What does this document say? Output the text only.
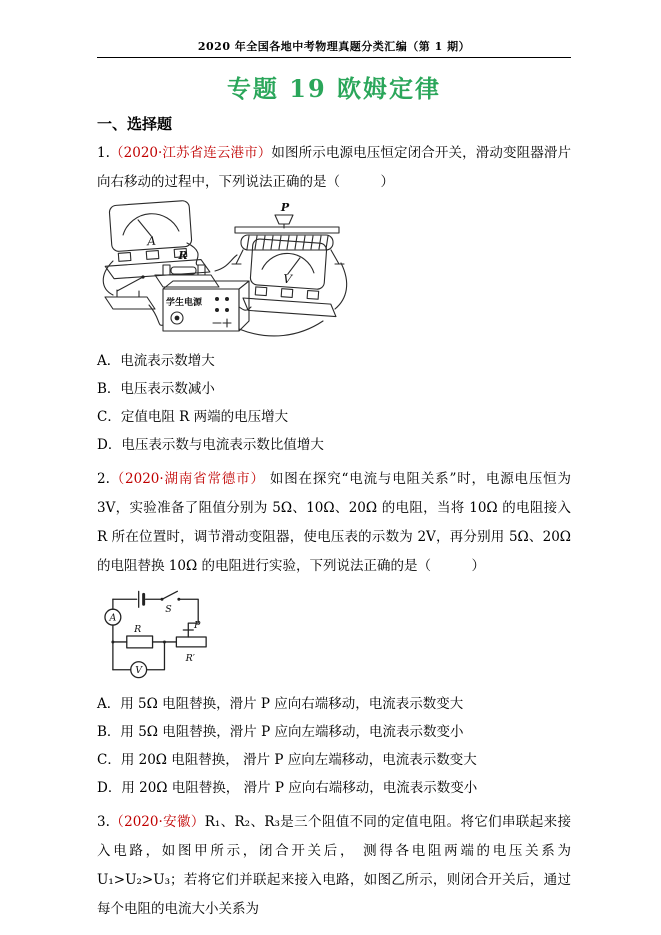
2020 年全国各地中考物理真题分类汇编（第 1 期）
专题 19 欧姆定律
一、选择题

1.（2020·江苏省连云港市）如图所示电源电压恒定闭合开关，滑动变阻器滑片向右移动的过程中，下列说法正确的是（　　　）

A
P
R
学生电源
V

A．电流表示数增大

B．电压表示数减小

C．定值电阻 R 两端的电压增大

D．电压表示数与电流表示数比值增大

2.（2020·湖南省常德市） 如图在探究“电流与电阻关系”时，电源电压恒为3V，实验准备了阻值分别为 5Ω、10Ω、20Ω 的电阻，当将 10Ω 的电阻接入 R 所在位置时，调节滑动变阻器，使电压表的示数为 2V，再分别用 5Ω、20Ω 的电阻替换 10Ω 的电阻进行实验，下列说法正确的是（　　　）

S
A
V
R	P
R′

A．用 5Ω 电阻替换，滑片 P 应向右端移动，电流表示数变大

B．用 5Ω 电阻替换，滑片 P 应向左端移动，电流表示数变小

C．用 20Ω 电阻替换， 滑片 P 应向左端移动，电流表示数变大

D．用 20Ω 电阻替换， 滑片 P 应向右端移动，电流表示数变小

3.（2020·安徽）R₁、R₂、R₃是三个阻值不同的定值电阻。将它们串联起来接入电路，如图甲所示，闭合开关后， 测得各电阻两端的电压关系为 U₁>U₂>U₃；若将它们并联起来接入电路，如图乙所示，则闭合开关后，通过每个电阻的电流大小关系为
